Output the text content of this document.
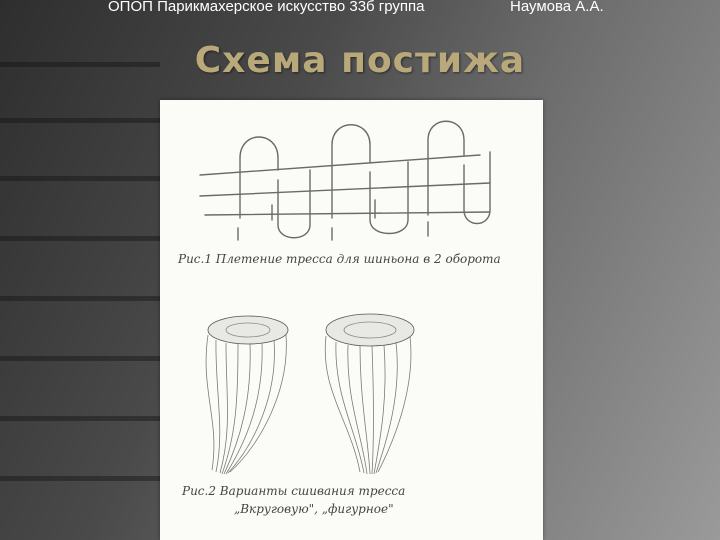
ОПОП Парикмахерское искусство 33б группа	Наумова А.А.
Схема постижа
Рис.1 Плетение тресса для шиньона в 2 оборота
Рис.2 Варианты сшивания тресса
„Вкруговую", „фигурное"
